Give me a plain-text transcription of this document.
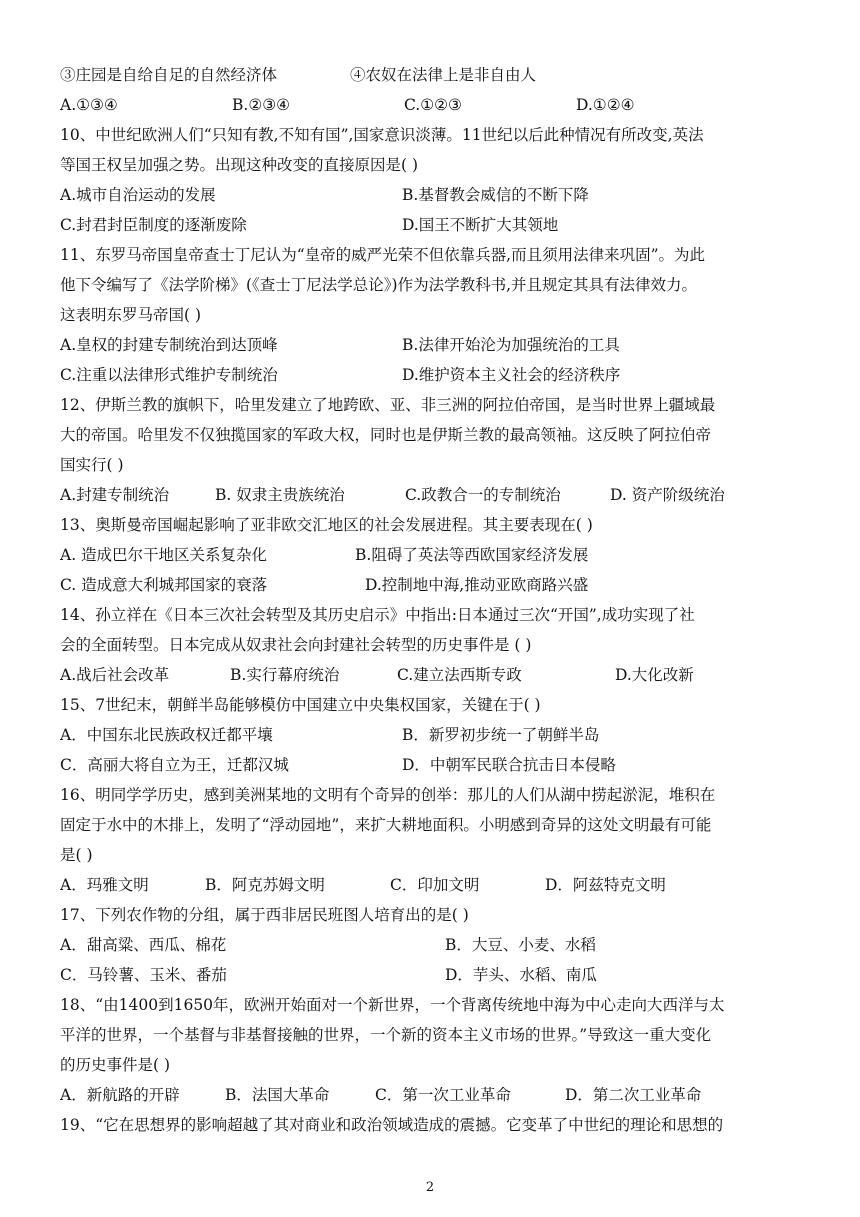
③庄园是自给自足的自然经济体	④农奴在法律上是非自由人
A.①③④	B.②③④	C.①②③	D.①②④
10、中世纪欧洲人们“只知有教,不知有国”,国家意识淡薄。11世纪以后此种情况有所改变,英法
等国王权呈加强之势。出现这种改变的直接原因是( )
A.城市自治运动的发展	B.基督教会威信的不断下降
C.封君封臣制度的逐渐废除	D.国王不断扩大其领地
11、东罗马帝国皇帝查士丁尼认为“皇帝的威严光荣不但依靠兵器,而且须用法律来巩固”。为此
他下令编写了《法学阶梯》(《查士丁尼法学总论》)作为法学教科书,并且规定其具有法律效力。
这表明东罗马帝国( )
A.皇权的封建专制统治到达顶峰	B.法律开始沦为加强统治的工具
C.注重以法律形式维护专制统治	D.维护资本主义社会的经济秩序
12、伊斯兰教的旗帜下，哈里发建立了地跨欧、亚、非三洲的阿拉伯帝国，是当时世界上疆域最
大的帝国。哈里发不仅独揽国家的军政大权，同时也是伊斯兰教的最高领袖。这反映了阿拉伯帝
国实行( )
A.封建专制统治	B. 奴隶主贵族统治	C.政教合一的专制统治	D. 资产阶级统治
13、奥斯曼帝国崛起影响了亚非欧交汇地区的社会发展进程。其主要表现在( )
A. 造成巴尔干地区关系复杂化	B.阻碍了英法等西欧国家经济发展
C. 造成意大利城邦国家的衰落	D.控制地中海,推动亚欧商路兴盛
14、孙立祥在《日本三次社会转型及其历史启示》中指出:日本通过三次“开国”,成功实现了社
会的全面转型。日本完成从奴隶社会向封建社会转型的历史事件是 ( )
A.战后社会改革	B.实行幕府统治	C.建立法西斯专政	D.大化改新
15、7世纪末，朝鲜半岛能够模仿中国建立中央集权国家，关键在于( )
A．中国东北民族政权迁都平壤	B．新罗初步统一了朝鲜半岛
C．高丽大将自立为王，迁都汉城	D．中朝军民联合抗击日本侵略
16、明同学学历史，感到美洲某地的文明有个奇异的创举：那儿的人们从湖中捞起淤泥，堆积在
固定于水中的木排上，发明了“浮动园地”，来扩大耕地面积。小明感到奇异的这处文明最有可能
是( )
A．玛雅文明	B．阿克苏姆文明	C．印加文明	D．阿兹特克文明
17、下列农作物的分组，属于西非居民班图人培育出的是( )
A．甜高粱、西瓜、棉花	B．大豆、小麦、水稻
C．马铃薯、玉米、番茄	D．芋头、水稻、南瓜
18、“由1400到1650年，欧洲开始面对一个新世界，一个背离传统地中海为中心走向大西洋与太
平洋的世界，一个基督与非基督接触的世界，一个新的资本主义市场的世界。”导致这一重大变化
的历史事件是( )
A．新航路的开辟	B．法国大革命	C．第一次工业革命	D．第二次工业革命
19、“它在思想界的影响超越了其对商业和政治领域造成的震撼。它变革了中世纪的理论和思想的
2
